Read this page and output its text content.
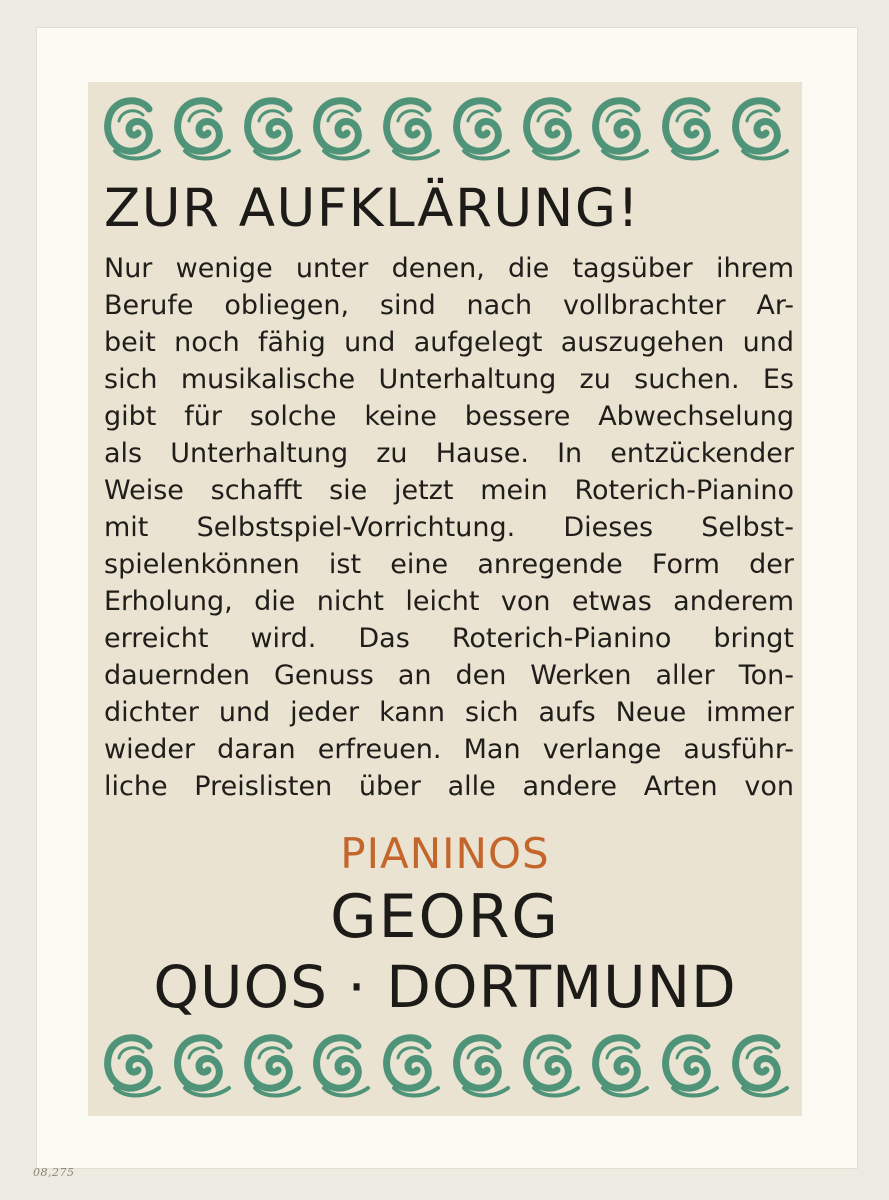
ZUR AUFKLÄRUNG!
Nur wenige unter denen, die tagsüber ihrem
Berufe obliegen, sind nach vollbrachter Ar-
beit noch fähig und aufgelegt auszugehen und
sich musikalische Unterhaltung zu suchen. Es
gibt für solche keine bessere Abwechselung
als Unterhaltung zu Hause. In entzückender
Weise schafft sie jetzt mein Roterich-Pianino
mit Selbstspiel-Vorrichtung. Dieses Selbst-
spielenkönnen ist eine anregende Form der
Erholung, die nicht leicht von etwas anderem
erreicht wird. Das Roterich-Pianino bringt
dauernden Genuss an den Werken aller Ton-
dichter und jeder kann sich aufs Neue immer
wieder daran erfreuen. Man verlange ausführ-
liche Preislisten über alle andere Arten von

PIANINOS

GEORG

QUOS · DORTMUND

08,275
